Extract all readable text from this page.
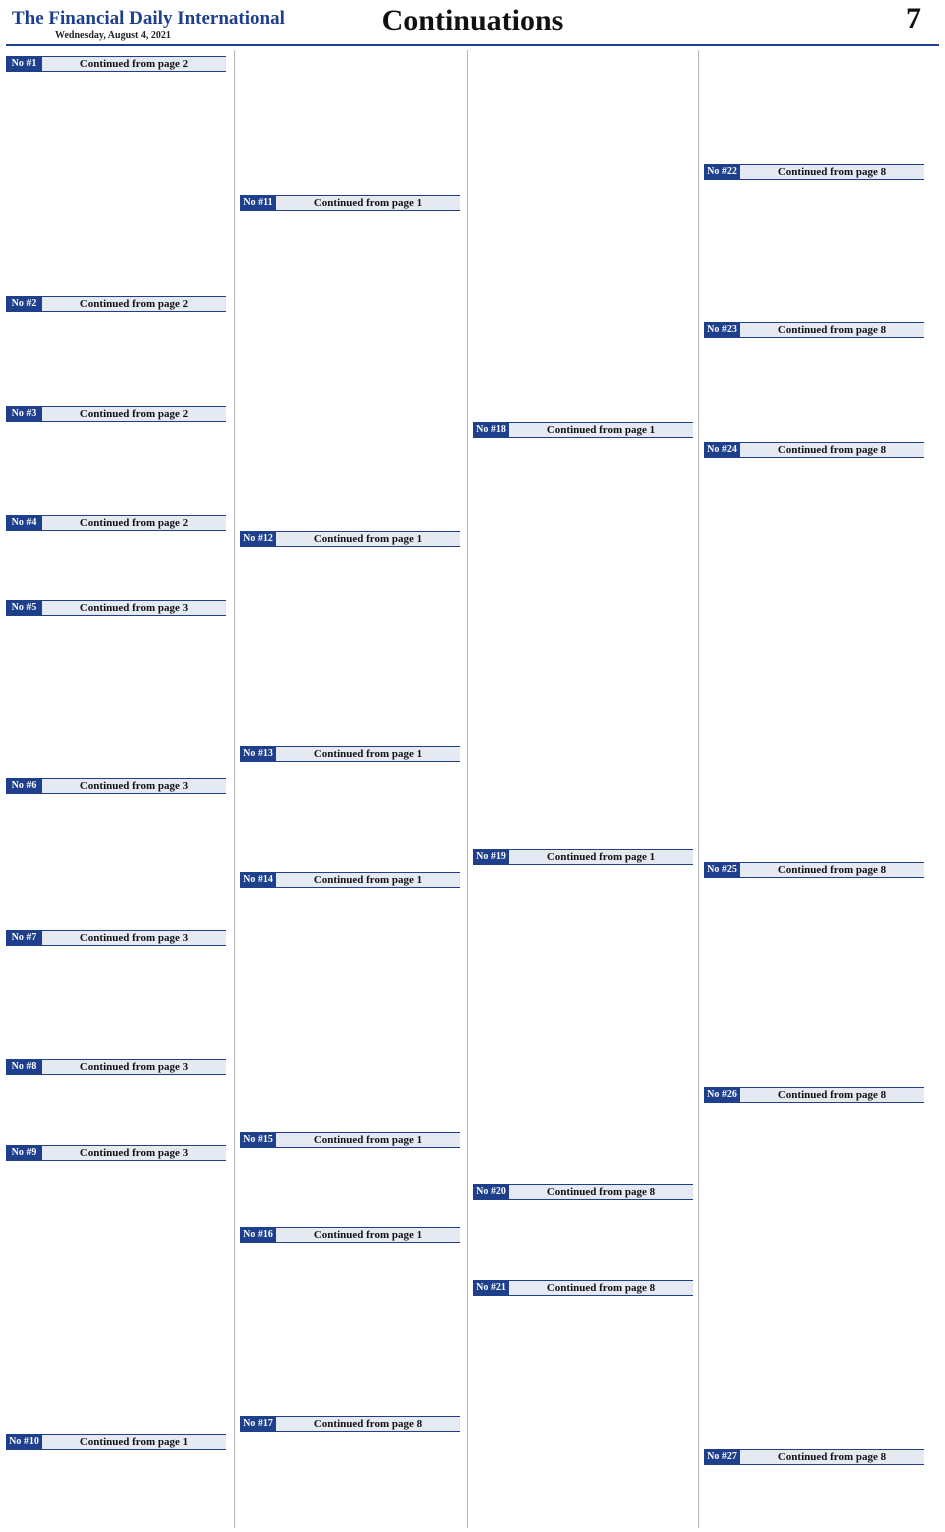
The Financial Daily International
Wednesday, August 4, 2021	Continuations	7
No #1	Continued from page 2
No #2	Continued from page 2
No #3	Continued from page 2
No #4	Continued from page 2
No #5	Continued from page 3
No #6	Continued from page 3
No #7	Continued from page 3
No #8	Continued from page 3
No #9	Continued from page 3
No #10	Continued from page 1
No #11	Continued from page 1
No #12	Continued from page 1
No #13	Continued from page 1
No #14	Continued from page 1
No #15	Continued from page 1
No #16	Continued from page 1
No #17	Continued from page 8
No #18	Continued from page 1
No #19	Continued from page 1
No #20	Continued from page 8
No #21	Continued from page 8
No #22	Continued from page 8
No #23	Continued from page 8
No #24	Continued from page 8
No #25	Continued from page 8
No #26	Continued from page 8
No #27	Continued from page 8
